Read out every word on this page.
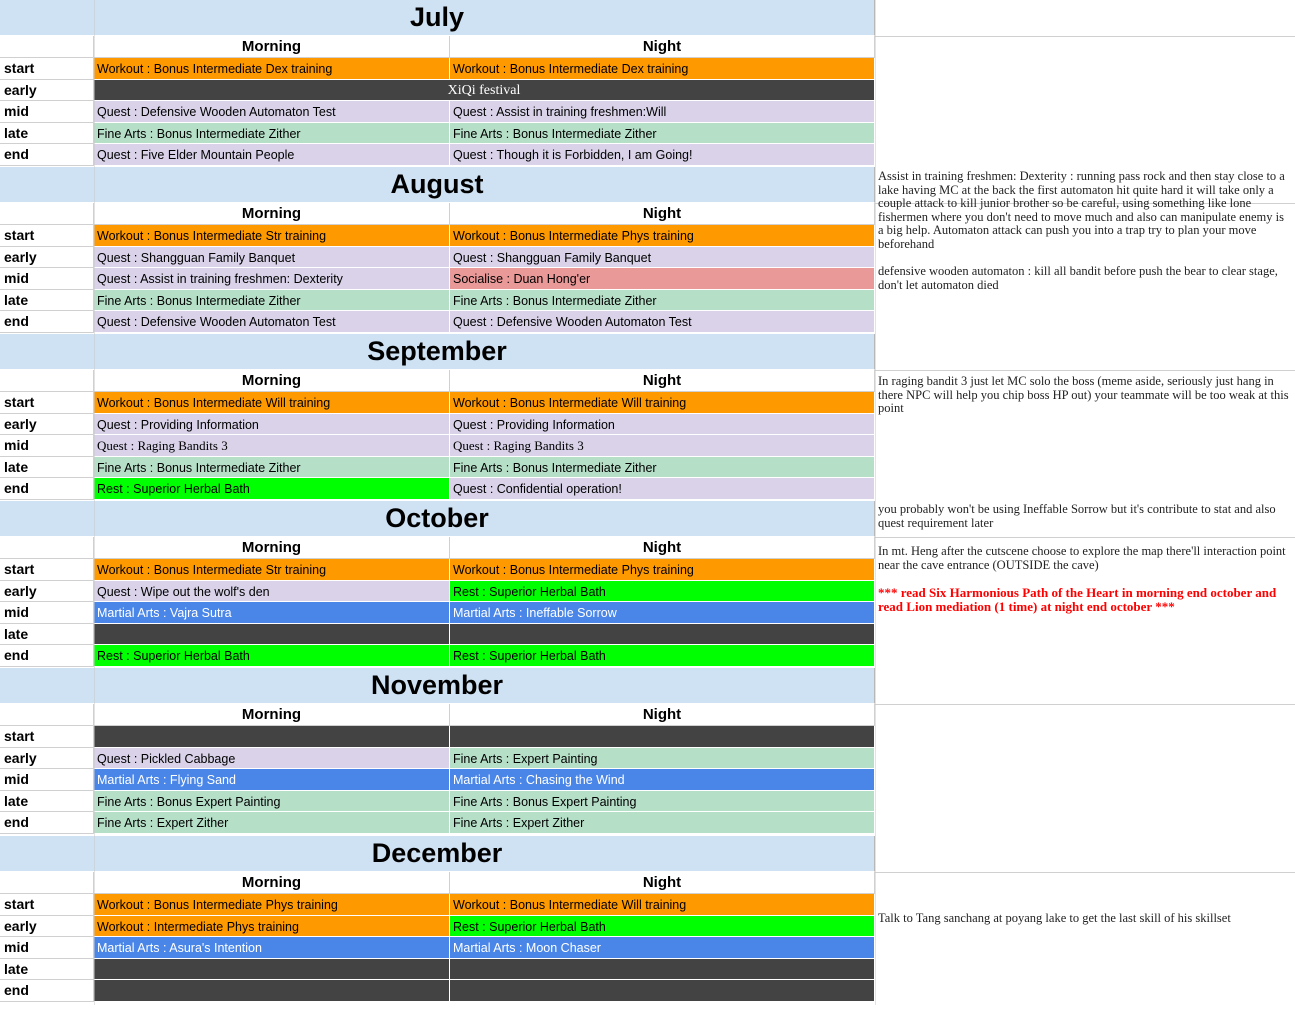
July
Morning	Night
start	Workout : Bonus Intermediate Dex training	Workout : Bonus Intermediate Dex training
early	XiQi festival
mid	Quest : Defensive Wooden Automaton Test	Quest : Assist in training freshmen:Will
late	Fine Arts : Bonus Intermediate Zither	Fine Arts : Bonus Intermediate Zither
end	Quest : Five Elder Mountain People	Quest : Though it is Forbidden, I am Going!
August
Morning	Night
start	Workout : Bonus Intermediate Str training	Workout : Bonus Intermediate Phys training
early	Quest : Shangguan Family Banquet	Quest : Shangguan Family Banquet
mid	Quest : Assist in training freshmen: Dexterity	Socialise : Duan Hong'er
late	Fine Arts : Bonus Intermediate Zither	Fine Arts : Bonus Intermediate Zither
end	Quest : Defensive Wooden Automaton Test	Quest : Defensive Wooden Automaton Test
September
Morning	Night
start	Workout : Bonus Intermediate Will training	Workout : Bonus Intermediate Will training
early	Quest : Providing Information	Quest : Providing Information
mid	Quest : Raging Bandits 3	Quest : Raging Bandits 3
late	Fine Arts : Bonus Intermediate Zither	Fine Arts : Bonus Intermediate Zither
end	Rest : Superior Herbal Bath	Quest : Confidential operation!
October
Morning	Night
start	Workout : Bonus Intermediate Str training	Workout : Bonus Intermediate Phys training
early	Quest : Wipe out the wolf's den	Rest : Superior Herbal Bath
mid	Martial Arts : Vajra Sutra	Martial Arts : Ineffable Sorrow
late
end	Rest : Superior Herbal Bath	Rest : Superior Herbal Bath
November
Morning	Night
start
early	Quest : Pickled Cabbage	Fine Arts : Expert Painting
mid	Martial Arts : Flying Sand	Martial Arts : Chasing the Wind
late	Fine Arts : Bonus Expert Painting	Fine Arts : Bonus Expert Painting
end	Fine Arts : Expert Zither	Fine Arts : Expert Zither
December
Morning	Night
start	Workout : Bonus Intermediate Phys training	Workout : Bonus Intermediate Will training
early	Workout : Intermediate Phys training	Rest : Superior Herbal Bath
mid	Martial Arts : Asura's Intention	Martial Arts : Moon Chaser
late
end
Assist in training freshmen: Dexterity : running pass rock and then stay close to a lake having MC at the back the first automaton hit quite hard it will take only a couple attack to kill junior brother so be careful, using something like lone fishermen where you don't need to move much and also can manipulate enemy is a big help. Automaton attack can push you into a trap try to plan your move beforehand
defensive wooden automaton : kill all bandit before push the bear to clear stage, don't let automaton died
In raging bandit 3 just let MC solo the boss (meme aside, seriously just hang in there NPC will help you chip boss HP out) your teammate will be too weak at this point
you probably won't be using Ineffable Sorrow but it's contribute to stat and also quest requirement later
In mt. Heng after the cutscene choose to explore the map there'll interaction point near the cave entrance (OUTSIDE the cave)
*** read Six Harmonious Path of the Heart in morning end october and read Lion mediation (1 time) at night end october ***
Talk to Tang sanchang at poyang lake to get the last skill of his skillset
